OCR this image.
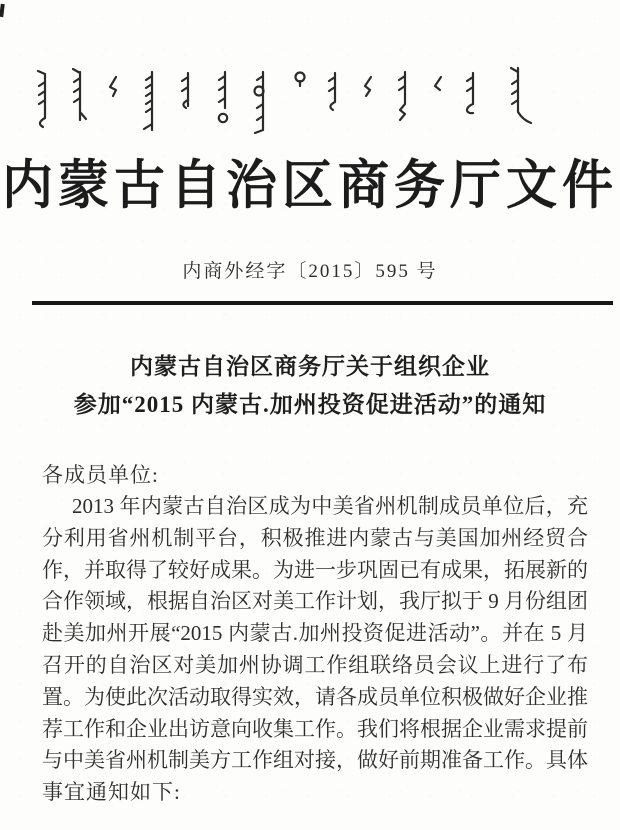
内蒙古自治区商务厅文件
内商外经字〔2015〕595 号
内蒙古自治区商务厅关于组织企业
参加“2015 内蒙古.加州投资促进活动”的通知
各成员单位:
2013 年内蒙古自治区成为中美省州机制成员单位后，充
分利用省州机制平台，积极推进内蒙古与美国加州经贸合
作，并取得了较好成果。为进一步巩固已有成果，拓展新的
合作领域，根据自治区对美工作计划，我厅拟于 9 月份组团
赴美加州开展“2015 内蒙古.加州投资促进活动”。并在 5 月
召开的自治区对美加州协调工作组联络员会议上进行了布
置。为使此次活动取得实效，请各成员单位积极做好企业推
荐工作和企业出访意向收集工作。我们将根据企业需求提前
与中美省州机制美方工作组对接，做好前期准备工作。具体
事宜通知如下:
